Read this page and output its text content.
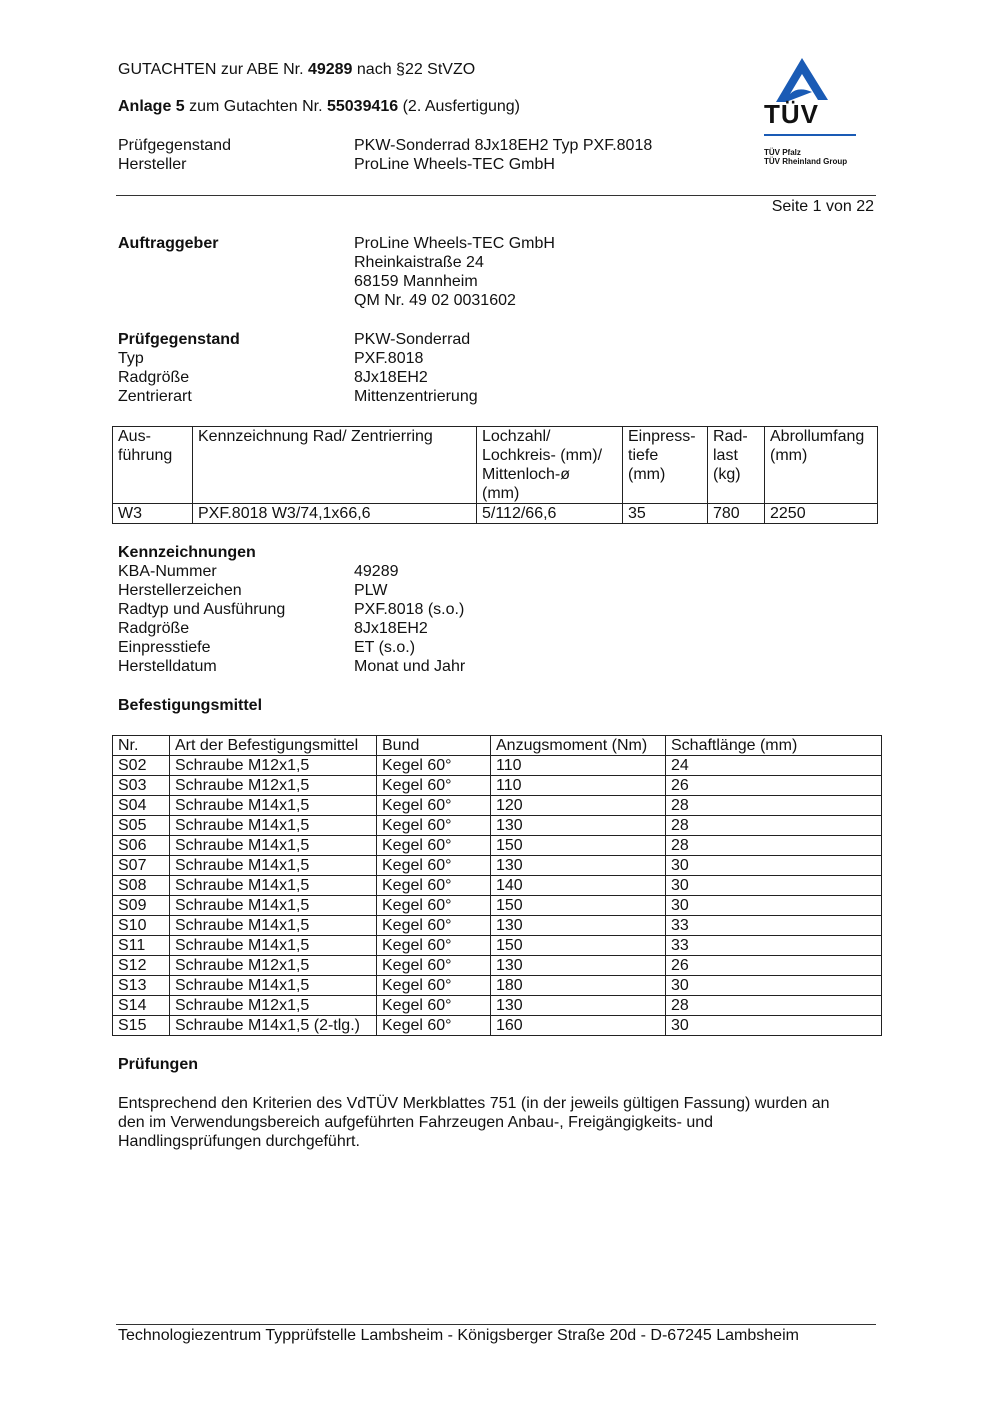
GUTACHTEN zur ABE Nr. 49289 nach §22 StVZO
Anlage 5 zum Gutachten Nr. 55039416 (2. Ausfertigung)
Prüfgegenstand	PKW-Sonderrad 8Jx18EH2 Typ PXF.8018
Hersteller	ProLine Wheels-TEC GmbH
TÜV
TÜV Pfalz
TÜV Rheinland Group
Seite 1 von 22
Auftraggeber	ProLine Wheels-TEC GmbH
Rheinkaistraße 24
68159 Mannheim
QM Nr. 49 02 0031602
Prüfgegenstand	PKW-Sonderrad
Typ	PXF.8018
Radgröße	8Jx18EH2
Zentrierart	Mittenzentrierung
Aus-
führung	Kennzeichnung Rad/ Zentrierring	Lochzahl/
Lochkreis- (mm)/
Mittenloch-ø
(mm)	Einpress-
tiefe
(mm)	Rad-
last
(kg)	Abrollumfang
(mm)
W3	PXF.8018 W3/74,1x66,6	5/112/66,6	35	780	2250
Kennzeichnungen
KBA-Nummer	49289
Herstellerzeichen	PLW
Radtyp und Ausführung	PXF.8018 (s.o.)
Radgröße	8Jx18EH2
Einpresstiefe	ET (s.o.)
Herstelldatum	Monat und Jahr
Befestigungsmittel
Nr.	Art der Befestigungsmittel	Bund	Anzugsmoment (Nm)	Schaftlänge (mm)
S02	Schraube M12x1,5	Kegel 60°	110	24
S03	Schraube M12x1,5	Kegel 60°	110	26
S04	Schraube M14x1,5	Kegel 60°	120	28
S05	Schraube M14x1,5	Kegel 60°	130	28
S06	Schraube M14x1,5	Kegel 60°	150	28
S07	Schraube M14x1,5	Kegel 60°	130	30
S08	Schraube M14x1,5	Kegel 60°	140	30
S09	Schraube M14x1,5	Kegel 60°	150	30
S10	Schraube M14x1,5	Kegel 60°	130	33
S11	Schraube M14x1,5	Kegel 60°	150	33
S12	Schraube M12x1,5	Kegel 60°	130	26
S13	Schraube M14x1,5	Kegel 60°	180	30
S14	Schraube M12x1,5	Kegel 60°	130	28
S15	Schraube M14x1,5 (2-tlg.)	Kegel 60°	160	30
Prüfungen
Entsprechend den Kriterien des VdTÜV Merkblattes 751 (in der jeweils gültigen Fassung) wurden an
den im Verwendungsbereich aufgeführten Fahrzeugen Anbau-, Freigängigkeits- und
Handlingsprüfungen durchgeführt.
Technologiezentrum Typprüfstelle Lambsheim - Königsberger Straße 20d - D-67245 Lambsheim
